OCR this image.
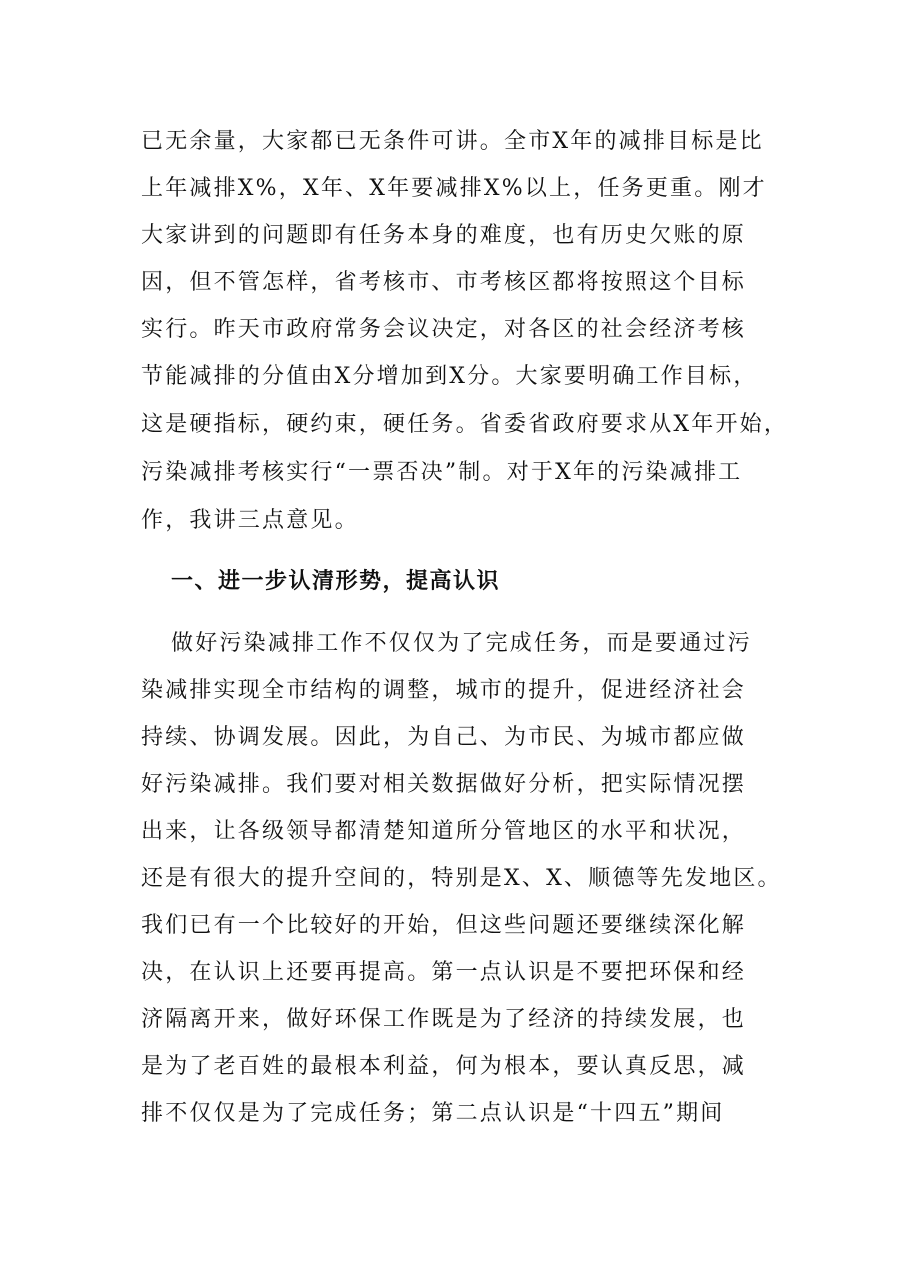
已无余量，大家都已无条件可讲。全市X年的减排目标是比
上年减排X%，X年、X年要减排X%以上，任务更重。刚才
大家讲到的问题即有任务本身的难度，也有历史欠账的原
因，但不管怎样，省考核市、市考核区都将按照这个目标
实行。昨天市政府常务会议决定，对各区的社会经济考核
节能减排的分值由X分增加到X分。大家要明确工作目标，
这是硬指标，硬约束，硬任务。省委省政府要求从X年开始，
污染减排考核实行“一票否决”制。对于X年的污染减排工
作，我讲三点意见。
一、进一步认清形势，提高认识
做好污染减排工作不仅仅为了完成任务，而是要通过污
染减排实现全市结构的调整，城市的提升，促进经济社会
持续、协调发展。因此，为自己、为市民、为城市都应做
好污染减排。我们要对相关数据做好分析，把实际情况摆
出来，让各级领导都清楚知道所分管地区的水平和状况，
还是有很大的提升空间的，特别是X、X、顺德等先发地区。
我们已有一个比较好的开始，但这些问题还要继续深化解
决，在认识上还要再提高。第一点认识是不要把环保和经
济隔离开来，做好环保工作既是为了经济的持续发展，也
是为了老百姓的最根本利益，何为根本，要认真反思，减
排不仅仅是为了完成任务；第二点认识是“十四五”期间
